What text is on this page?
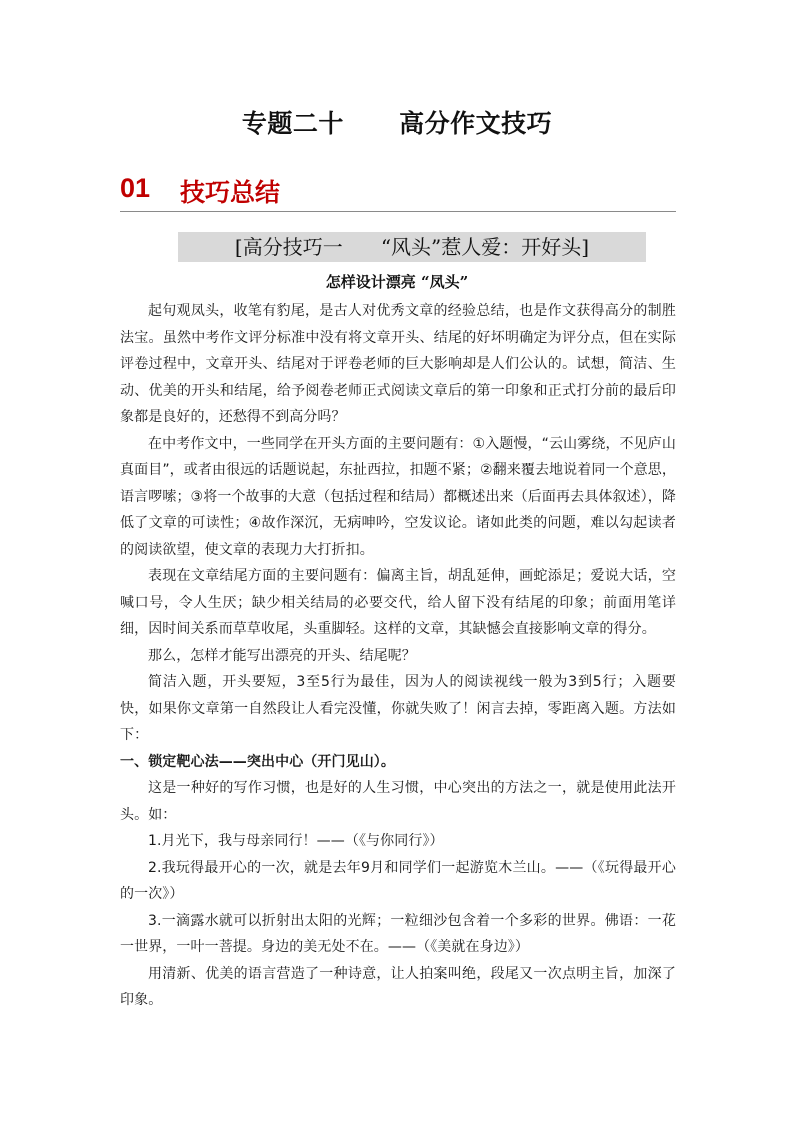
专题二十      高分作文技巧
01 技巧总结
[高分技巧一      “风头”惹人爱：开好头]
怎样设计漂亮 “凤头”

起句观凤头，收笔有豹尾，是古人对优秀文章的经验总结，也是作文获得高分的制胜法宝。虽然中考作文评分标准中没有将文章开头、结尾的好坏明确定为评分点，但在实际评卷过程中，文章开头、结尾对于评卷老师的巨大影响却是人们公认的。试想，简洁、生动、优美的开头和结尾，给予阅卷老师正式阅读文章后的第一印象和正式打分前的最后印象都是良好的，还愁得不到高分吗？

在中考作文中，一些同学在开头方面的主要问题有：①入题慢，“云山雾绕，不见庐山真面目”，或者由很远的话题说起，东扯西拉，扣题不紧；②翻来覆去地说着同一个意思，语言啰嗦；③将一个故事的大意（包括过程和结局）都概述出来（后面再去具体叙述），降低了文章的可读性；④故作深沉，无病呻吟，空发议论。诸如此类的问题，难以勾起读者的阅读欲望，使文章的表现力大打折扣。

表现在文章结尾方面的主要问题有：偏离主旨，胡乱延伸，画蛇添足；爱说大话，空喊口号，令人生厌；缺少相关结局的必要交代，给人留下没有结尾的印象；前面用笔详细，因时间关系而草草收尾，头重脚轻。这样的文章，其缺憾会直接影响文章的得分。

那么，怎样才能写出漂亮的开头、结尾呢？

简洁入题，开头要短，3至5行为最佳，因为人的阅读视线一般为3到5行；入题要快，如果你文章第一自然段让人看完没懂，你就失败了！闲言去掉，零距离入题。方法如下：

一、锁定靶心法——突出中心（开门见山）。

这是一种好的写作习惯，也是好的人生习惯，中心突出的方法之一，就是使用此法开头。如：

1.月光下，我与母亲同行！——（《与你同行》）

2.我玩得最开心的一次，就是去年9月和同学们一起游览木兰山。——（《玩得最开心的一次》）

3.一滴露水就可以折射出太阳的光辉；一粒细沙包含着一个多彩的世界。佛语：一花一世界，一叶一菩提。身边的美无处不在。——（《美就在身边》）

用清新、优美的语言营造了一种诗意，让人拍案叫绝，段尾又一次点明主旨，加深了印象。
